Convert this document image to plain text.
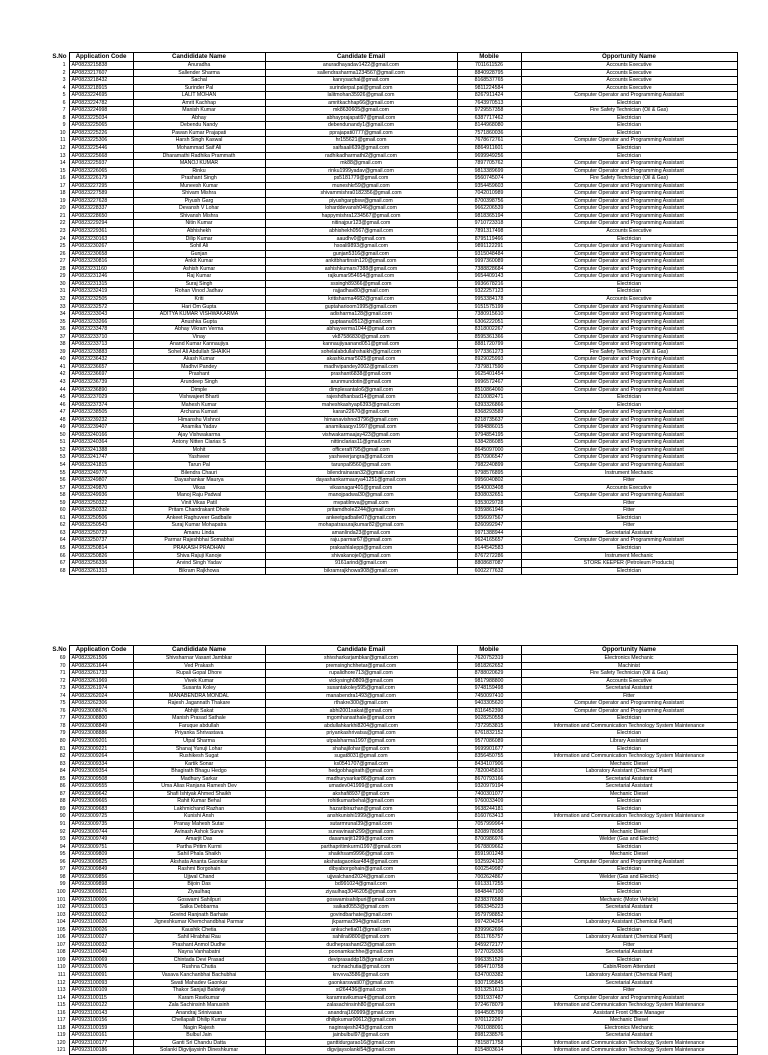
S.No	Application Code	Candididate Name	Candidate Email	Mobile	Opportunity Name
1	AP0823215838	Anuradha	anuradhayadav1422@gmail.com	7011611526	Accounts Executive
2	AP0823217607	Sallender Sharma	sallendrasharma1234567@gmail.com	8840928795	Accounts Executive
3	AP0823218432	Sachal	kanrysachal@gmail.com	8168537765	Accounts Executive
4	AP0823218915	Surinder Pal	surinderpal.pal@gmail.com	9811224584	Accounts Executive
5	AP0823224695	LALIT MOHAN	lalitmohan35926@gmail.com	8267911424	Computer Operator and Programming Assistant
6	AP0823224782	Amrit Kachhap	amritkachhap66@gmail.com	7643970513	Electrician
7	AP0823224998	Manish Kumar	mk8630605@gmail.com	9729557358	Fire Safety Technician (Oil & Gas)
8	AP0823225034	Abhay	abhayprajapati97@gmail.com	6387717462	Electrician
9	AP0823225065	Debendu Nandy	debendunandy1@gmail.com	8144968080	Electrician
10	AP0823225226	Pawan Kumar Prajapati	pprajapati0777@gmail.com	7571860036	Electrician
11	AP0823225306	Harsh Singh Kaswal	hr155621@gmail.com	7678672761	Computer Operator and Programming Assistant
12	AP0823225446	Mohammad Saif Ali	saifsaali639@gmail.com	8864911601	Electrician
13	AP0823225668	Dharamathi Radhika Prammath	radhikadharmathi2@gmail.com	9699949256	Electrician
14	AP0823225937	MANOJ KUMAR	mk88@gmail.com	7897705762	Computer Operator and Programming Assistant
15	AP0823226065	Rinku	rinku1999yadav@gmail.com	9813389699	Computer Operator and Programming Assistant
16	AP0823226179	Prashant Singh	ps5181779@gmail.com	9560745074	Fire Safety Technician (Oil & Gas)
17	AP0823227295	Muneesh Kumar	muneshkr59@gmail.com	9354459603	Computer Operator and Programming Assistant
18	AP0823227589	Shivam Mishra	shivammishra0182356@gmail.com	7042010989	Computer Operator and Programming Assistant
19	AP0823227628	Piyush Garg	piyushgargbsw@gmail.com	8700398756	Computer Operator and Programming Assistant
20	AP0823228337	Devansh V Lohar	loharddevansh046@gmail.com	9662206539	Computer Operator and Programming Assistant
21	AP0823228650	Shivansh Mishra	happymishra1234567@gmail.com	9818365194	Computer Operator and Programming Assistant
22	AP0823229294	Nitin Kumar	nitinajpur123@gmail.com	9710723318	Computer Operator and Programming Assistant
23	AP0823229361	Abhishekh	abhishekh0567@gmail.com	7891317498	Accounts Executive
24	AP0823230163	Dilip Kumar	aaudhv0@gmail.com	8795119466	Electrician
25	AP0823230267	Sohil Ali	hsoali9893@gmail.com	9891122291	Computer Operator and Programming Assistant
26	AP0823230658	Gunjan	gunjan5316@gmail.com	9315048484	Computer Operator and Programming Assistant
27	AP0823230816	Ankit Kumar	ankitbhartinsin120@gmail.com	9997360089	Computer Operator and Programming Assistant
28	AP0823231160	Ashish Kumar	ashishkumars7388@gmail.com	7388828684	Computer Operator and Programming Assistant
29	AP0823231246	Raj Kumar	rajkumar954654@gmail.com	9654409143	Computer Operator and Programming Assistant
30	AP0823231315	Suraj Singh	sssingh89366@gmail.com	9936678216	Electrician
31	AP0823232419	Rohan Vinod Jadhav	rajjadhav80@gmail.com	9322257123	Electrician
32	AP0823232505	Kriti	kritisharma4682@gmail.com	9953384178	Accounts Executive
33	AP0823232572	Hari Om Gupta	guptaharioom1995@gmail.com	9151575199	Computer Operator and Programming Assistant
34	AP0823233043	ADITYA KUMAR VISHWAKARMA	adisharma128@gmail.com	7380915610	Computer Operator and Programming Assistant
35	AP0823233266	Anushka Gupta	guptaanu0512@gmail.com	6306222051	Computer Operator and Programming Assistant
36	AP0823233478	Abhay Vikram Verma	abhayverma1044@gmail.com	8318002267	Computer Operator and Programming Assistant
37	AP0823233710	Vinay	vk87586830@gmail.com	8595361366	Computer Operator and Programming Assistant
38	AP0823233713	Anand Kumar Kannaujiya	kannaujiyaanand051@gmail.com	8881720799	Computer Operator and Programming Assistant
39	AP0823233883	Sohel Ali Abdullah SHAIKH	sohelalabdullahshaikh@gmail.com	9773361273	Fire Safety Technician (Oil & Gas)
40	AP0823236432	Akash Kumar	akashkumar5025@gmail.com	8929025993	Computer Operator and Programming Assistant
41	AP0823236657	Madhvi Pandey	madhvipandey2002@gmail.com	7379817590	Computer Operator and Programming Assistant
42	AP0823236697	Prashant	prashant6838@gmail.com	9625401454	Computer Operator and Programming Assistant
43	AP0823236739	Arundeep Singh	arunmundotin@gmail.com	9996572467	Computer Operator and Programming Assistant
44	AP0823236890	Dimple	dimplesantalo6@gmail.com	8510864060	Computer Operator and Programming Assistant
45	AP0823237029	Vishwajeet Bharti	rajeshdhanbad14@gmail.com	8210082471	Electrician
46	AP0823237374	Mahesh Kumar	maheshkashyap6393@gmail.com	6393326866	Electrician
47	AP0823238505	Archana Kumari	karan22670@gmail.com	8368293589	Computer Operator and Programming Assistant
48	AP0823239232	Himanshu Vishnoi	himanavishnoi3796@gmail.com	8218735637	Computer Operator and Programming Assistant
49	AP0823239407	Anamika Yadav	anamikaaqyv1997@gmail.com	9984886015	Computer Operator and Programming Assistant
50	AP0823240166	Ajay Vishwakarma	vishwakarmaajay423@gmail.com	9794854195	Computer Operator and Programming Assistant
51	AP0823240364	Antony Nitten Clarias S	nittinclarias11@gmail.com	6384286085	Computer Operator and Programming Assistant
52	AP0823241388	Mohit	officeraft795@gmail.com	8645097000	Computer Operator and Programming Assistant
53	AP0823241747	Yashveer	yashveerjangra@gmail.com	8570906547	Computer Operator and Programming Assistant
54	AP0823241815	Tarun Pal	tarunpal9560@gmail.com	7982240899	Computer Operator and Programming Assistant
55	AP0823249776	Bilendra Chauri	bilendrainaran32@gmail.com	9798576895	Instrument Mechanic
56	AP0823249807	Dayashankar Maurya	dayashankarmaurya41251@gmail.com	9956040802	Fitter
57	AP0823249870	Vikas	vikasnagar401@gmail.com	9540003408	Accounts Executive
58	AP0823249936	Manoj Raju Padwal	manojpadwal30@gmail.com	8308032651	Computer Operator and Programming Assistant
59	AP0823250322	Vinit Vikas Patil	mvpatilmva@gmail.com	9353029728	Fitter
60	AP0823250332	Pritam Chandrakant Dhole	pritamdhole2244@gmail.com	9359861946	Fitter
61	AP0823250506	Ankeet Raghuveer Gadbaile	ankeetgadbaile07@gmail.com	9356097567	Electrician
62	AP0823250543	Suraj Kumar Mohapatra	mohapatrasurajkumar82@gmail.com	8260992947	Fitter
63	AP0823250729	Amanu Linda	amanlinda23@gmail.com	9971388944	Secretarial Assistant
64	AP0823250737	Parmar Rajeshbhai Somabhai	raju.parmar67@gmail.com	9624165657	Computer Operator and Programming Assistant
65	AP0823250814	PRAKASH PRADHAN	prakashlaleppi@gmail.com	8144542583	Electrician
66	AP0823250826	Shiva Rajuji Kanoje	shivakanoje0@gmail.com	8767272286	Instrument Mechanic
67	AP0823256336	Arvind Singh Yadav	9161arind@gmail.com	8808687087	STORE KEEPER (Petroleum Products)
68	AP0823261313	Bikram Rajkhowa	bikramrajkhowa908@gmail.com	6002277632	Electrician
S.No	Application Code	Candididate Name	Candidate Email	Mobile	Opportunity Name
69	AP0823261506	Shivsharnar Vasant Jambkar	shivsharkarjambkar@gmail.com	7620752319	Electronics Mechanic
70	AP0823261644	Ved Prakash	premsinghchhetar@gmail.com	9818262652	Machinist
71	AP0823261733	Rupali Gopal Dhore	rupalidhore713@gmail.com	8788020629	Fire Safety Technician (Oil & Gas)
72	AP0823261969	Vivek Kumar	vickysingh0809@gmail.com	9817988800	Accounts Executive
73	AP0823261974	Susanta Koley	susantakoley595@gmail.com	9748159498	Secretarial Assistant
74	AP0823262024	MANABENDRA MONDAL	manabendra1493@gmail.com	7450097410	Fitter
75	AP0823262306	Rajesh Jagannath Thakare	rthakre300@gmail.com	9403305620	Computer Operator and Programming Assistant
76	AP0923008676	Abhijit Sakat	abhi2001sakat@gmail.com	8116452390	Computer Operator and Programming Assistant
77	AP0923008800	Manish Prasad Sathale	mgomhansathale@gmail.com	9028250558	Electrician
78	AP0923008849	Faruque abdullah	abdullahkarkhi8204@gmail.com	7372953815	Information and Communication Technology System Maintenance
79	AP0923008886	Priyanka Shrivastava	priyankashrivatsa@gmail.com	6761832152	Electrician
80	AP0923009201	Utpal Sharma	utpalsharma1997@gmail.com	9577086089	Library Assistant
81	AP0923009221	Shanaj Yunuji Lohar	shahajilohar@gmail.com	9699901677	Electrician
82	AP0923009264	Rushikesh Sugat	sugat8031@gmail.com	8356450755	Information and Communication Technology System Maintenance
83	AP0923009334	Kartik Sonar	ks0541707@gmail.com	8434107906	Mechanic Diesel
84	AP0923009354	Bhagirath Bhagu Hedgo	hedgobhagirath@gmail.com	7820045816	Laboratory Assistant (Chemical Plant)
85	AP0923009508	Madhury Sarkar	madhurysarkar86@gmail.com	8670793166	Secretarial Assistant
86	AP0923009555	Uma Alias Ranjana Ramesh Dev	umadev041999@gmail.com	9320979194	Secretarial Assistant
87	AP0923009642	Shafi Ishtyak Ahmed Shaikh	akshafi8937@gmail.com	7400301077	Mechanic Diesel
88	AP0923009665	Rahit Kumar Behal	rohitkumarbehal@gmail.com	9760033409	Electrician
89	AP0923009683	Lakhmichand Razhan	hazaribirazhan@gmail.com	9638244181	Electrician
90	AP0923009725	Kunishi Ansh	anshkunishi1999@gmail.com	8160763413	Information and Communication Technology System Maintenance
91	AP0923009735	Pranay Mahesh Sutar	sutarmrunal39@gmail.com	7057999964	Electrician
92	AP0923009744	Avinash Ashok Surve	survavinash299@gmail.com	8208978058	Mechanic Diesel
93	AP0923009749	Amarjit Das	dasamarjit1299@gmail.com	8700986976	Welder (Gas and Electric)
94	AP0923009751	Partha Pritim Kurmi	parthapritimkurmi1997@gmail.com	9678809662	Electrician
95	AP0923009809	Sahil Phala Shaikh	shaikhsam9996@gmail.com	8591901248	Mechanic Diesel
96	AP0923009825	Akshata Ananta Gaonkar	akshatagaonkar484@gmail.com	9325924120	Computer Operator and Programming Assistant
97	AP0923009849	Rashmi Borgohain	dibyaborgohain@gmail.com	6002549987	Electrician
98	AP0923009856	Ujjwal Chand	ujjwalchand2024@gmail.com	7002624867	Welder (Gas and Electric)
99	AP0923009898	Bijoin Das	bd991024@gmail.com	6913317255	Electrician
100	AP0923009921	Ziyaulhaq	ziyaulhaq3046205@gmail.com	9848447100	Electrician
101	AP0923100006	Goswami Sahilpuri	goswamisahilpuri@gmail.com	8238376588	Mechanic (Motor Vehicle)
102	AP0923100013	Saika Debbarma	saikad0553@gmail.com	9863345223	Secretarial Assistant
103	AP0923100012	Govind Ranjnath Barhate	govindbarhate@gmail.com	9579798852	Electrician
104	AP0923100020	Jigneshkumar Khemchandbhai Parmar	jkparmar394@gmail.com	9974204264	Laboratory Assistant (Chemical Plant)
105	AP0923100026	Kaushik Chetia	ankuchetia01@gmail.com	8399962696	Electrician
106	AP0923100027	Sahil Hirabhai Rau	sahilrai9800@gmail.com	8511765757	Laboratory Assistant (Chemical Plant)
107	AP0923100032	Prashant Anmol Dudhe	dudheprashant23@gmail.com	8459272177	Fitter
108	AP0923100040	Nayna Vanhabatni	poonamkachhe@gmail.com	9727029336	Secretarial Assistant
109	AP0923100069	Chintada Devi Prasad	deviprasaddp18@gmail.com	9963351529	Electrician
110	AP0923100076	Rushna Chutia	ruchnachutia@gmail.com	9864710758	Cabin/Room Attendant
111	AP0923100091	Vasava Kanchanbhai Bachubhai	knvvva3586@gmail.com	6347003382	Laboratory Assistant (Chemical Plant)
112	AP0923100093	Swati Mahadev Gaonkar	gaonkarswati07@gmail.com	9307195845	Secretarial Assistant
113	AP0923100109	Thakor Sanjaji Baldevji	st264436@gmail.com	9313251613	Fitter
114	AP0923100115	Karam Ravikumar	karamravikumar4@gmail.com	9391937487	Computer Operator and Programming Assistant
115	AP0923100122	Zala Sachinsinh Manusinh	zalasachinsinh80@gmail.com	9724678079	Information and Communication Technology System Maintenance
116	AP0923100143	Anandraj Srinivasan	anandraj160999@gmail.com	9944505799	Assistant Front Office Manager
117	AP0923100156	Chellapalli Dhilip Kumar	dhilipkumar00612@gmail.com	9701122267	Mechanic Diesel
118	AP0923100159	Nagin Rajesh	naginrajesh243@gmail.com	7601088091	Electronics Mechanic
119	AP0923100161	Bulbul Jain	jainbulbul97@gmail.com	8981238576	Secretarial Assistant
120	AP0923100177	Ganti Sri Chandu Datta	ganttidurgarao16@gmail.com	7815871758	Information and Communication Technology System Maintenance
121	AP0923100186	Solanki Digvijaysinh Dineshkumar	digvijaysolanki54@gmail.com	8154803614	Information and Communication Technology System Maintenance
